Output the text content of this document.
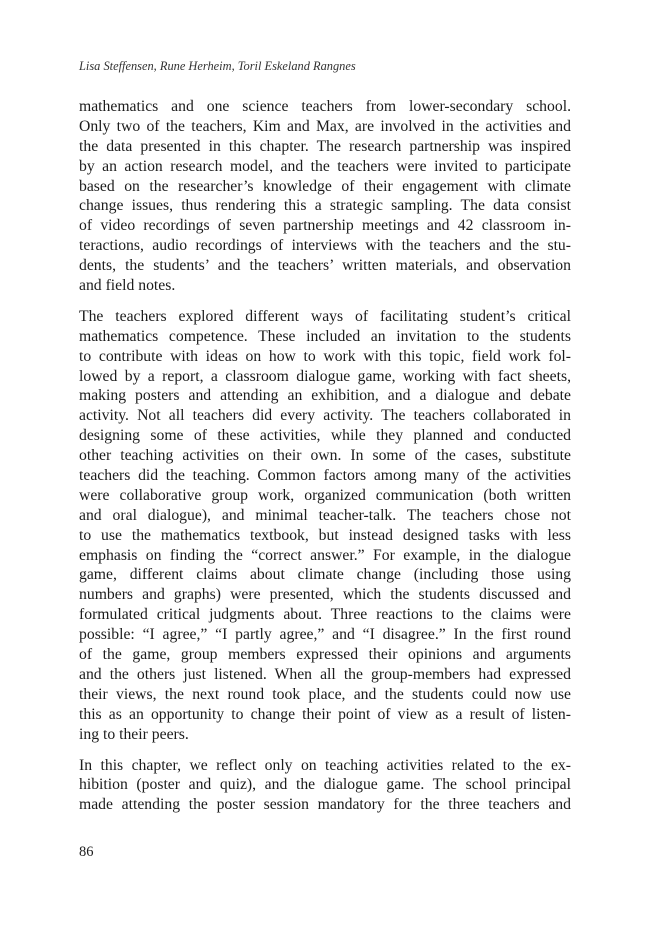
Lisa Steffensen, Rune Herheim, Toril Eskeland Rangnes

mathematics and one science teachers from lower-secondary school.
Only two of the teachers, Kim and Max, are involved in the activities and
the data presented in this chapter. The research partnership was inspired
by an action research model, and the teachers were invited to participate
based on the researcher’s knowledge of their engagement with climate
change issues, thus rendering this a strategic sampling. The data consist
of video recordings of seven partnership meetings and 42 classroom in-
teractions, audio recordings of interviews with the teachers and the stu-
dents, the students’ and the teachers’ written materials, and observation
and field notes.

The teachers explored different ways of facilitating student’s critical
mathematics competence. These included an invitation to the students
to contribute with ideas on how to work with this topic, field work fol-
lowed by a report, a classroom dialogue game, working with fact sheets,
making posters and attending an exhibition, and a dialogue and debate
activity. Not all teachers did every activity. The teachers collaborated in
designing some of these activities, while they planned and conducted
other teaching activities on their own. In some of the cases, substitute
teachers did the teaching. Common factors among many of the activities
were collaborative group work, organized communication (both written
and oral dialogue), and minimal teacher-talk. The teachers chose not
to use the mathematics textbook, but instead designed tasks with less
emphasis on finding the “correct answer.” For example, in the dialogue
game, different claims about climate change (including those using
numbers and graphs) were presented, which the students discussed and
formulated critical judgments about. Three reactions to the claims were
possible: “I agree,” “I partly agree,” and “I disagree.” In the first round
of the game, group members expressed their opinions and arguments
and the others just listened. When all the group-members had expressed
their views, the next round took place, and the students could now use
this as an opportunity to change their point of view as a result of listen-
ing to their peers.

In this chapter, we reflect only on teaching activities related to the ex-
hibition (poster and quiz), and the dialogue game. The school principal
made attending the poster session mandatory for the three teachers and

86
